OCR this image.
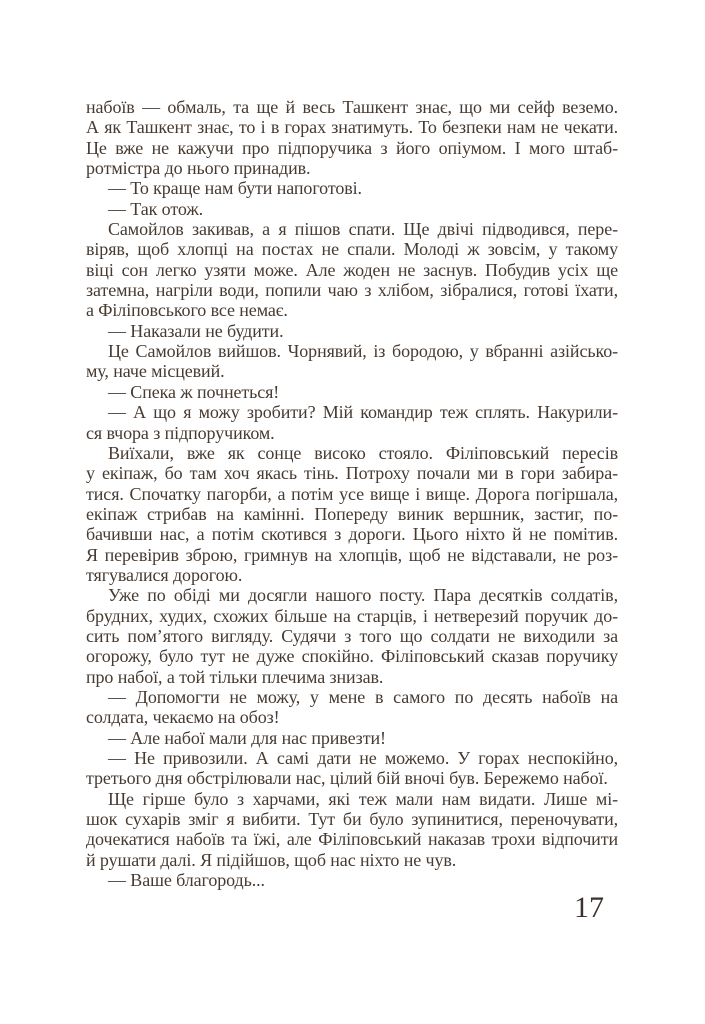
набоїв — обмаль, та ще й весь Ташкент знає, що ми сейф веземо.
А як Ташкент знає, то і в горах знатимуть. То безпеки нам не чекати.
Це вже не кажучи про підпоручика з його опіумом. І мого штаб-
ротмістра до нього принадив.
— То краще нам бути напоготові.
— Так отож.
Самойлов закивав, а я пішов спати. Ще двічі підводився, пере-
віряв, щоб хлопці на постах не спали. Молоді ж зовсім, у такому
віці сон легко узяти може. Але жоден не заснув. Побудив усіх ще
затемна, нагріли води, попили чаю з хлібом, зібралися, готові їхати,
а Філіповського все немає.
— Наказали не будити.
Це Самойлов вийшов. Чорнявий, із бородою, у вбранні азійсько-
му, наче місцевий.
— Спека ж почнеться!
— А що я можу зробити? Мій командир теж сплять. Накурили-
ся вчора з підпоручиком.
Виїхали, вже як сонце високо стояло. Філіповський пересів
у екіпаж, бо там хоч якась тінь. Потроху почали ми в гори забира-
тися. Спочатку пагорби, а потім усе вище і вище. Дорога погіршала,
екіпаж стрибав на камінні. Попереду виник вершник, застиг, по-
бачивши нас, а потім скотився з дороги. Цього ніхто й не помітив.
Я перевірив зброю, гримнув на хлопців, щоб не відставали, не роз-
тягувалися дорогою.
Уже по обіді ми досягли нашого посту. Пара десятків солдатів,
брудних, худих, схожих більше на старців, і нетверезий поручик до-
сить пом’ятого вигляду. Судячи з того що солдати не виходили за
огорожу, було тут не дуже спокійно. Філіповський сказав поручику
про набої, а той тільки плечима знизав.
— Допомогти не можу, у мене в самого по десять набоїв на
солдата, чекаємо на обоз!
— Але набої мали для нас привезти!
— Не привозили. А самі дати не можемо. У горах неспокійно,
третього дня обстрілювали нас, цілий бій вночі був. Бережемо набої.
Ще гірше було з харчами, які теж мали нам видати. Лише мі-
шок сухарів зміг я вибити. Тут би було зупинитися, переночувати,
дочекатися набоїв та їжі, але Філіповський наказав трохи відпочити
й рушати далі. Я підійшов, щоб нас ніхто не чув.
— Ваше благородь...
17
